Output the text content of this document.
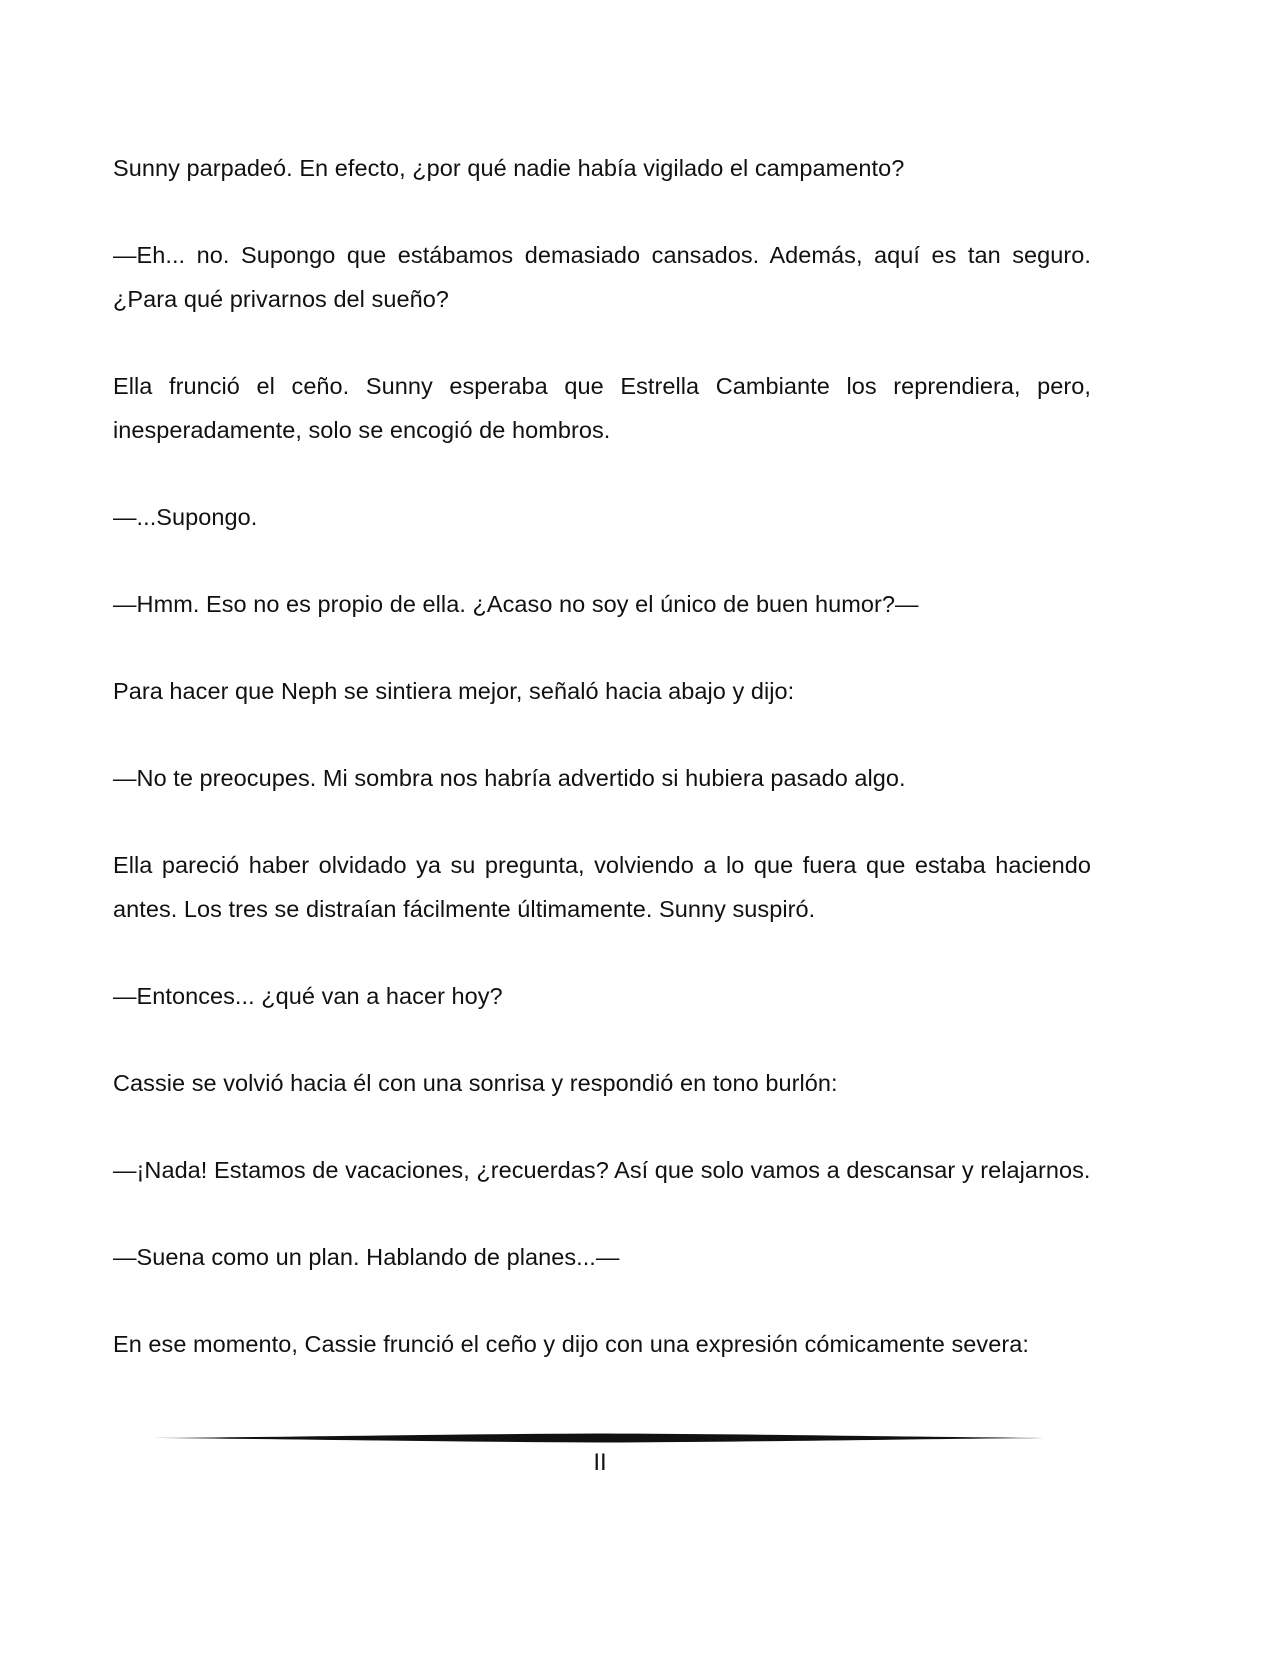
Sunny parpadeó. En efecto, ¿por qué nadie había vigilado el campamento?

—Eh... no. Supongo que estábamos demasiado cansados. Además, aquí es tan seguro. ¿Para qué privarnos del sueño?

Ella frunció el ceño. Sunny esperaba que Estrella Cambiante los reprendiera, pero, inesperadamente, solo se encogió de hombros.

—...Supongo.

—Hmm. Eso no es propio de ella. ¿Acaso no soy el único de buen humor?—

Para hacer que Neph se sintiera mejor, señaló hacia abajo y dijo:

—No te preocupes. Mi sombra nos habría advertido si hubiera pasado algo.

Ella pareció haber olvidado ya su pregunta, volviendo a lo que fuera que estaba haciendo antes. Los tres se distraían fácilmente últimamente. Sunny suspiró.

—Entonces... ¿qué van a hacer hoy?

Cassie se volvió hacia él con una sonrisa y respondió en tono burlón:

—¡Nada! Estamos de vacaciones, ¿recuerdas? Así que solo vamos a descansar y relajarnos.

—Suena como un plan. Hablando de planes...—

En ese momento, Cassie frunció el ceño y dijo con una expresión cómicamente severa:

II
